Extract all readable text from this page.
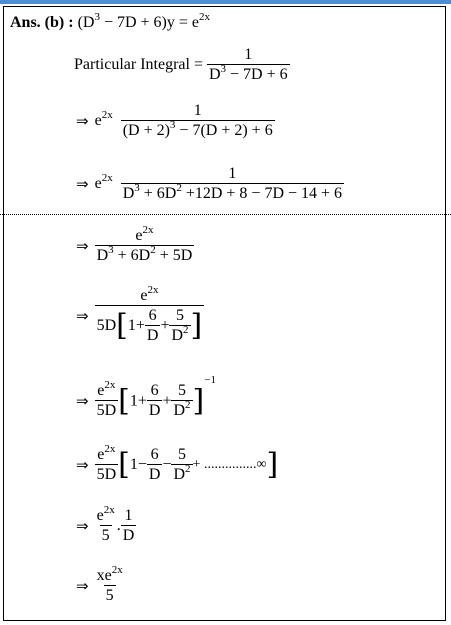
Ans. (b) : $(D^3 - 7D + 6)y = e^{2x}$
Particular Integral = $\frac{1}{D^3 - 7D + 6}$
⇒ $e^{2x} \frac{1}{(D + 2)^3 - 7(D + 2) + 6}$
⇒ $e^{2x} \frac{1}{D^3 + 6D^2 +12D + 8 - 7D - 14 + 6}$
⇒ $\frac{e^{2x}}{D^3 + 6D^2 + 5D}$
⇒ $\frac{e^{2x}}{5D[1+ \frac{6}{D} + \frac{5}{D^2} ]}$
⇒ $\frac{e^{2x}}{5D} [1+ \frac{6}{D} + \frac{5}{D^2} ]^{-1}$
⇒ $\frac{e^{2x}}{5D} [1- \frac{6}{D} - \frac{5}{D^2}$ + ...............∞]
⇒ $\frac{e^{2x}}{5}$ . $\frac{1}{D}$
⇒ $\frac{xe^{2x}}{5}$
